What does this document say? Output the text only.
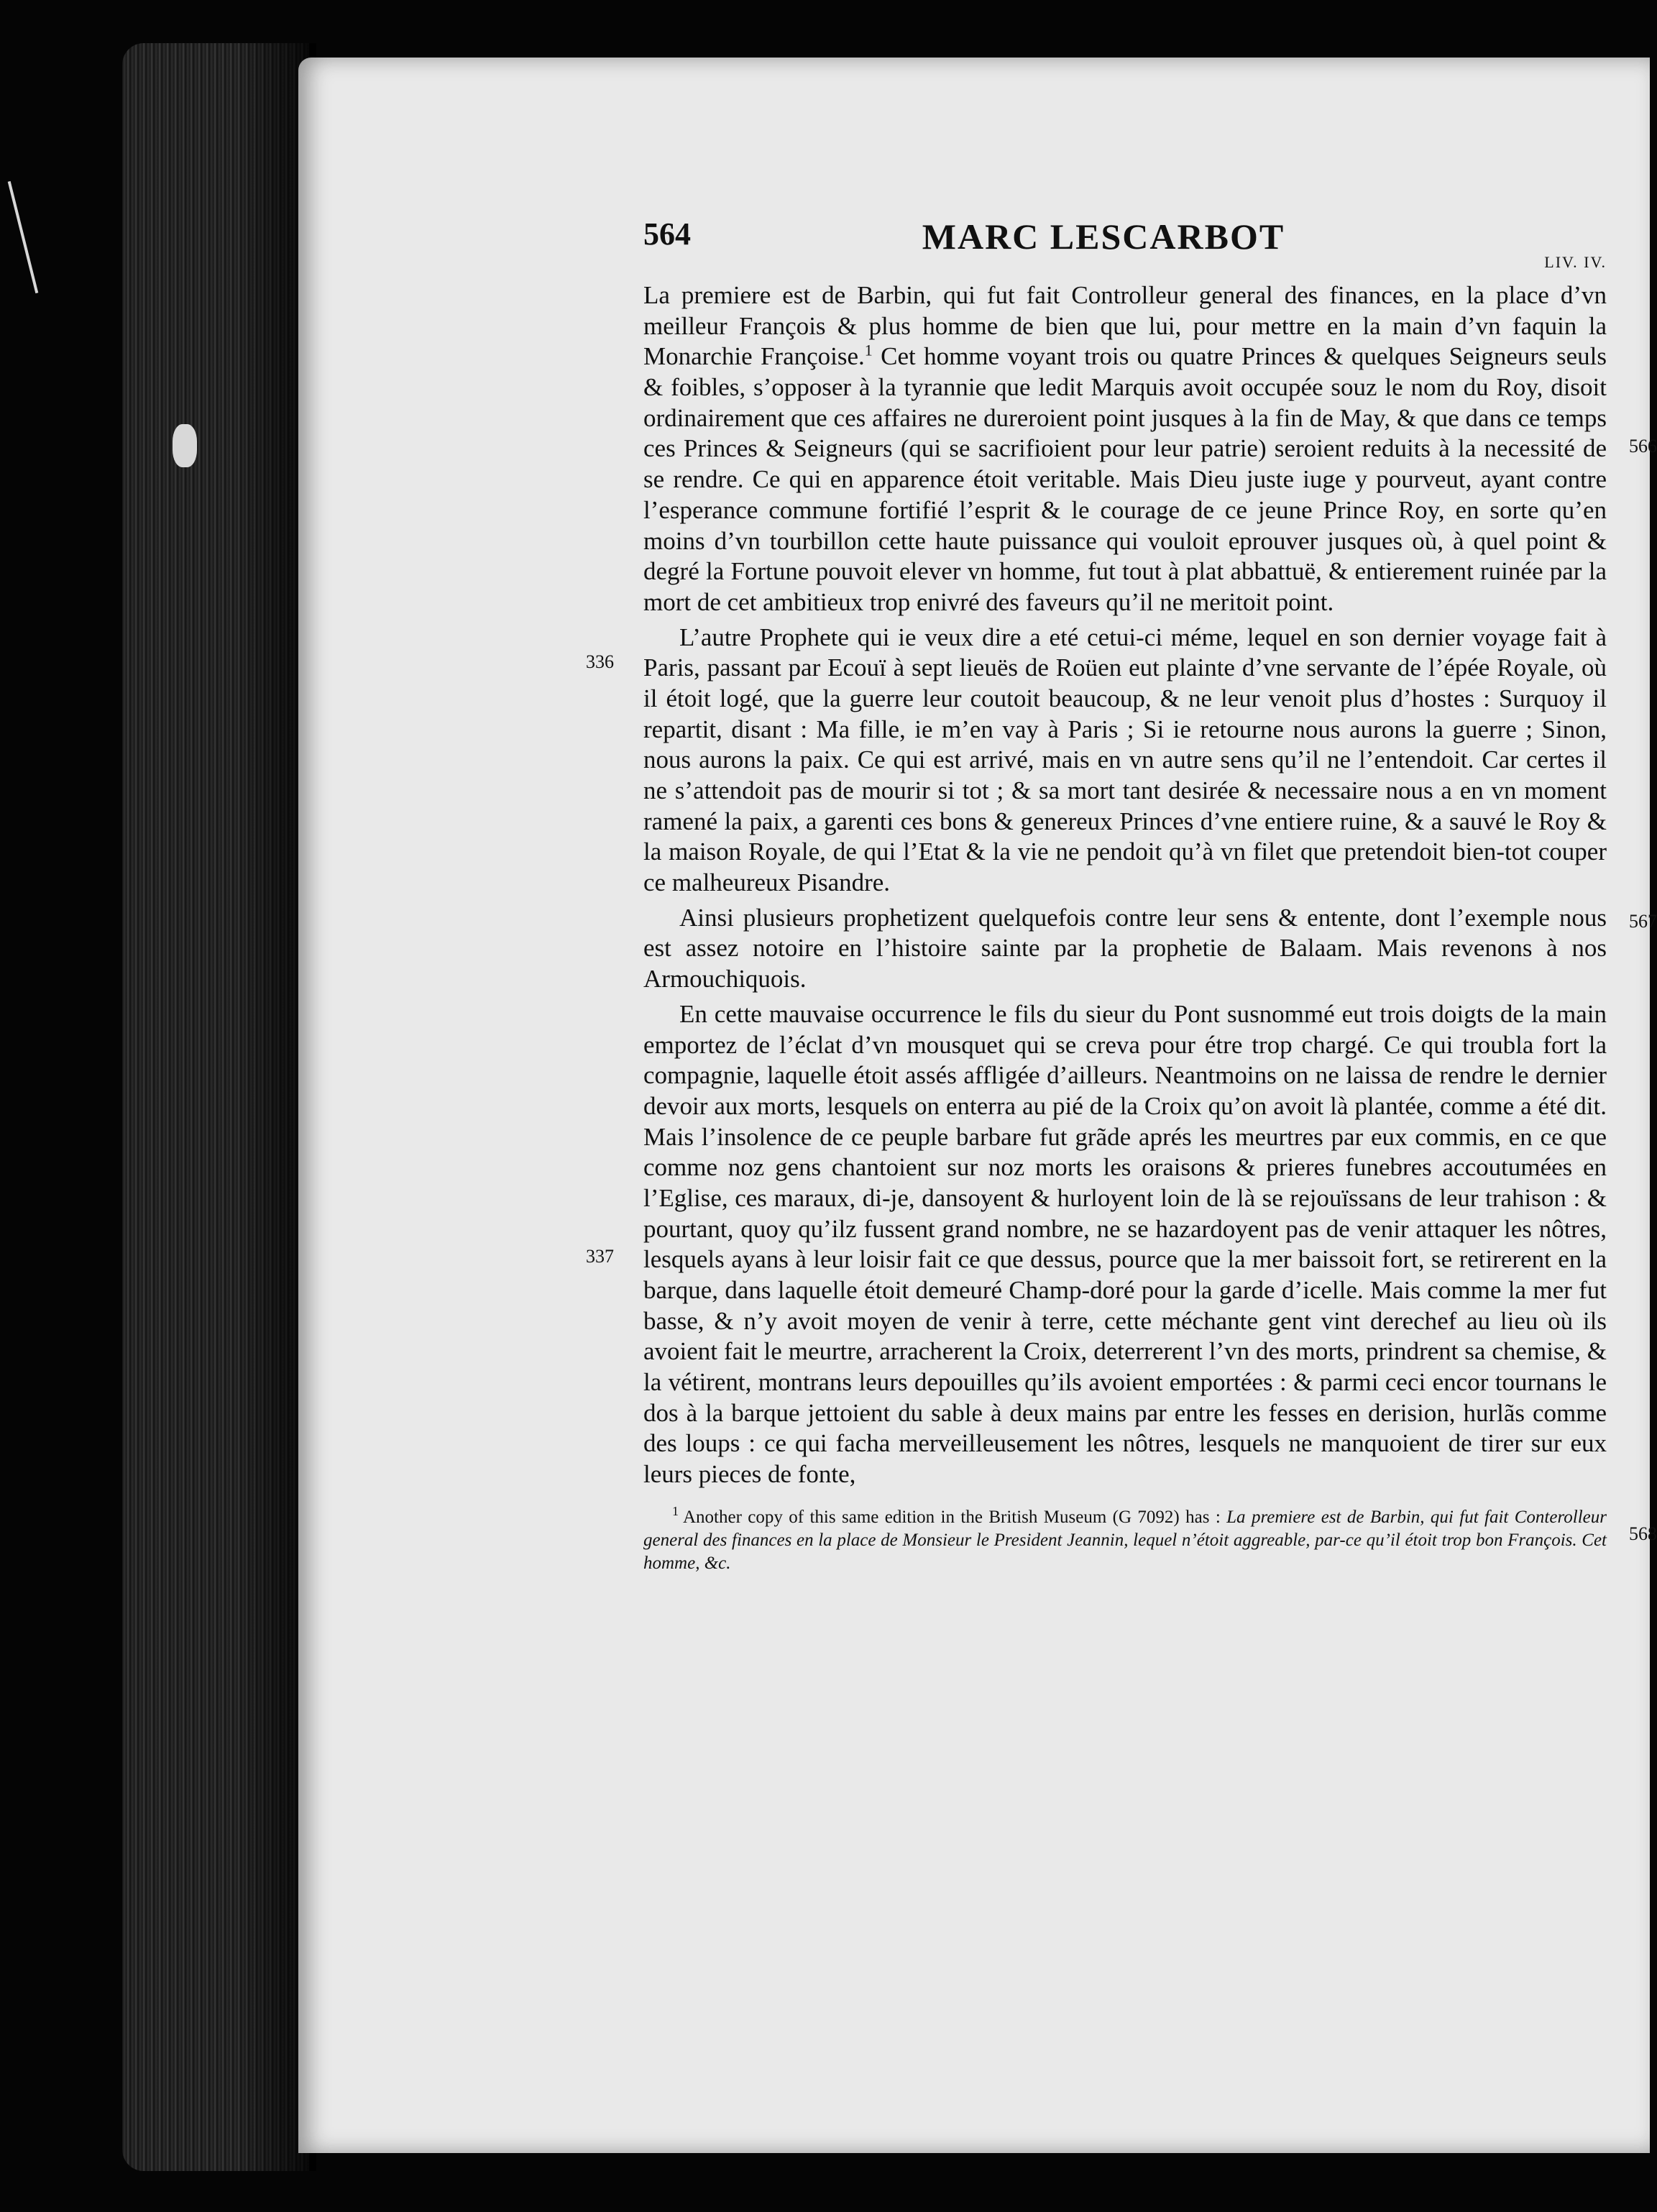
564	MARC LESCARBOT
LIV. IV.

566
336
La premiere est de Barbin, qui fut fait Controlleur general des finances, en la place d’vn meilleur François & plus homme de bien que lui, pour mettre en la main d’vn faquin la Monarchie Françoise.$^1$ Cet homme voyant trois ou quatre Princes & quelques Seigneurs seuls & foibles, s’opposer à la tyrannie que ledit Marquis avoit occupée souz le nom du Roy, disoit ordinairement que ces affaires ne dureroient point jusques à la fin de May, & que dans ce temps ces Princes & Seigneurs (qui se sacrifioient pour leur patrie) seroient reduits à la necessité de se rendre. Ce qui en apparence étoit veritable. Mais Dieu juste iuge y pourveut, ayant contre l’esperance commune fortifié l’esprit & le courage de ce jeune Prince Roy, en sorte qu’en moins d’vn tourbillon cette haute puissance qui vouloit eprouver jusques où, à quel point & degré la Fortune pouvoit elever vn homme, fut tout à plat abbattuë, & entierement ruinée par la mort de cet ambitieux trop enivré des faveurs qu’il ne meritoit point.

L’autre Prophete qui ie veux dire a eté cetui-ci méme, lequel en son dernier voyage fait à Paris, passant par Ecouï à sept lieuës de Roüen eut plainte d’vne servante de l’épée Royale, où il étoit logé, que la guerre leur coutoit beaucoup, & ne leur venoit plus d’hostes : Surquoy il repartit, disant : Ma fille, ie m’en vay à Paris ; Si ie retourne nous aurons la guerre ; Sinon, nous aurons la paix. Ce qui est arrivé, mais en vn autre sens qu’il ne l’entendoit. Car certes il ne s’attendoit pas de mourir si tot ; & sa mort tant desirée & necessaire nous a en vn moment ramené la paix, a garenti ces bons & genereux Princes d’vne entiere ruine, & a sauvé le Roy & la maison Royale, de qui l’Etat & la vie ne pendoit qu’à vn filet que pretendoit bien-tot couper ce malheureux Pisandre.

567
Ainsi plusieurs prophetizent quelquefois contre leur sens & entente, dont l’exemple nous est assez notoire en l’histoire sainte par la prophetie de Balaam. Mais revenons à nos Armouchiquois.

337
568
En cette mauvaise occurrence le fils du sieur du Pont susnommé eut trois doigts de la main emportez de l’éclat d’vn mousquet qui se creva pour étre trop chargé. Ce qui troubla fort la compagnie, laquelle étoit assés affligée d’ailleurs. Neantmoins on ne laissa de rendre le dernier devoir aux morts, lesquels on enterra au pié de la Croix qu’on avoit là plantée, comme a été dit. Mais l’insolence de ce peuple barbare fut grãde aprés les meurtres par eux commis, en ce que comme noz gens chantoient sur noz morts les oraisons & prieres funebres accoutumées en l’Eglise, ces maraux, di-je, dansoyent & hurloyent loin de là se rejouïssans de leur trahison : & pourtant, quoy qu’ilz fussent grand nombre, ne se hazardoyent pas de venir attaquer les nôtres, lesquels ayans à leur loisir fait ce que dessus, pource que la mer baissoit fort, se retirerent en la barque, dans laquelle étoit demeuré Champ-doré pour la garde d’icelle. Mais comme la mer fut basse, & n’y avoit moyen de venir à terre, cette méchante gent vint derechef au lieu où ils avoient fait le meurtre, arracherent la Croix, deterrerent l’vn des morts, prindrent sa chemise, & la vétirent, montrans leurs depouilles qu’ils avoient emportées : & parmi ceci encor tournans le dos à la barque jettoient du sable à deux mains par entre les fesses en derision, hurlãs comme des loups : ce qui facha merveilleusement les nôtres, lesquels ne manquoient de tirer sur eux leurs pieces de fonte,

$^1$ Another copy of this same edition in the British Museum (G 7092) has : La premiere est de Barbin, qui fut fait Conterolleur general des finances en la place de Monsieur le President Jeannin, lequel n’étoit aggreable, par-ce qu’il étoit trop bon François. Cet homme, &c.
